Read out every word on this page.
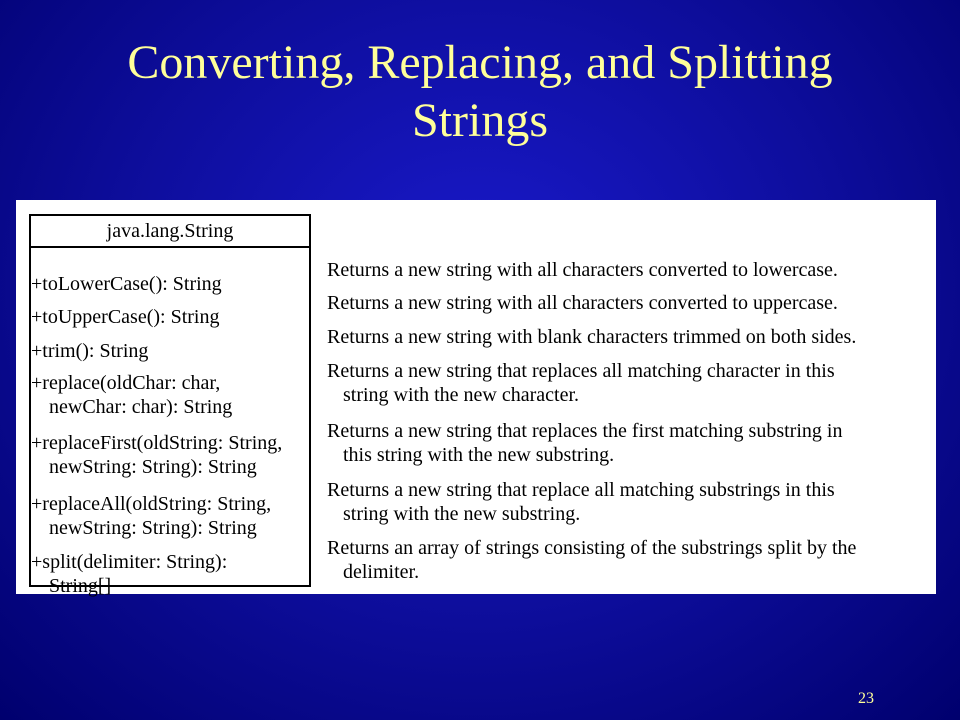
Converting, Replacing, and Splitting
Strings
java.lang.String
+toLowerCase(): String
+toUpperCase(): String
+trim(): String
+replace(oldChar: char,
newChar: char): String
+replaceFirst(oldString: String,
newString: String): String
+replaceAll(oldString: String,
newString: String): String
+split(delimiter: String):
String[]
Returns a new string with all characters converted to lowercase.
Returns a new string with all characters converted to uppercase.
Returns a new string with blank characters trimmed on both sides.
Returns a new string that replaces all matching character in this
string with the new character.
Returns a new string that replaces the first matching substring in
this string with the new substring.
Returns a new string that replace all matching substrings in this
string with the new substring.
Returns an array of strings consisting of the substrings split by the
delimiter.
23
